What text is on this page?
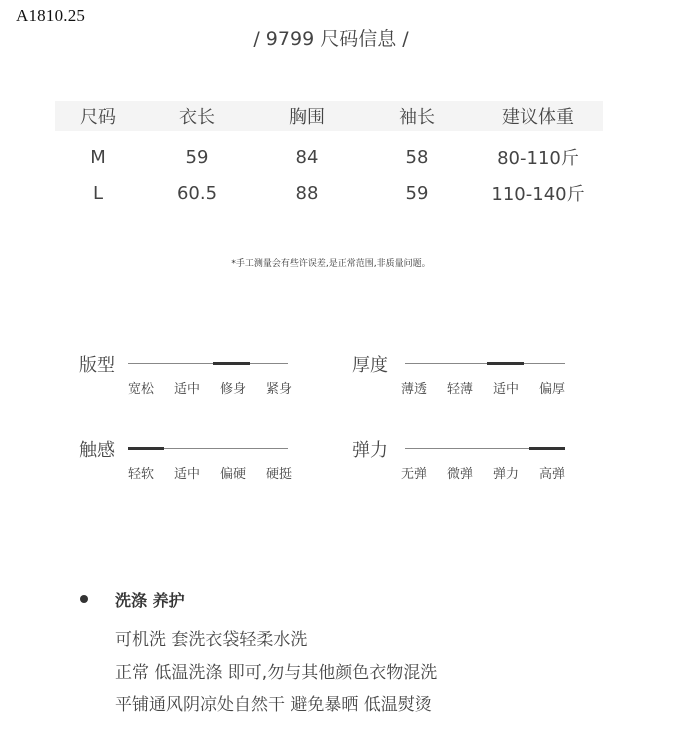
A1810.25
/ 9799 尺码信息 /
尺码	衣长	胸围	袖长	建议体重
M	59	84	58	80-110斤
L	60.5	88	59	110-140斤
*手工测量会有些许误差,是正常范围,非质量问题。
版型
宽松	适中	修身	紧身
厚度
薄透	轻薄	适中	偏厚
触感
轻软	适中	偏硬	硬挺
弹力
无弹	微弹	弹力	高弹
洗涤 养护
可机洗 套洗衣袋轻柔水洗
正常 低温洗涤 即可,勿与其他颜色衣物混洗
平铺通风阴凉处自然干 避免暴晒 低温熨烫
